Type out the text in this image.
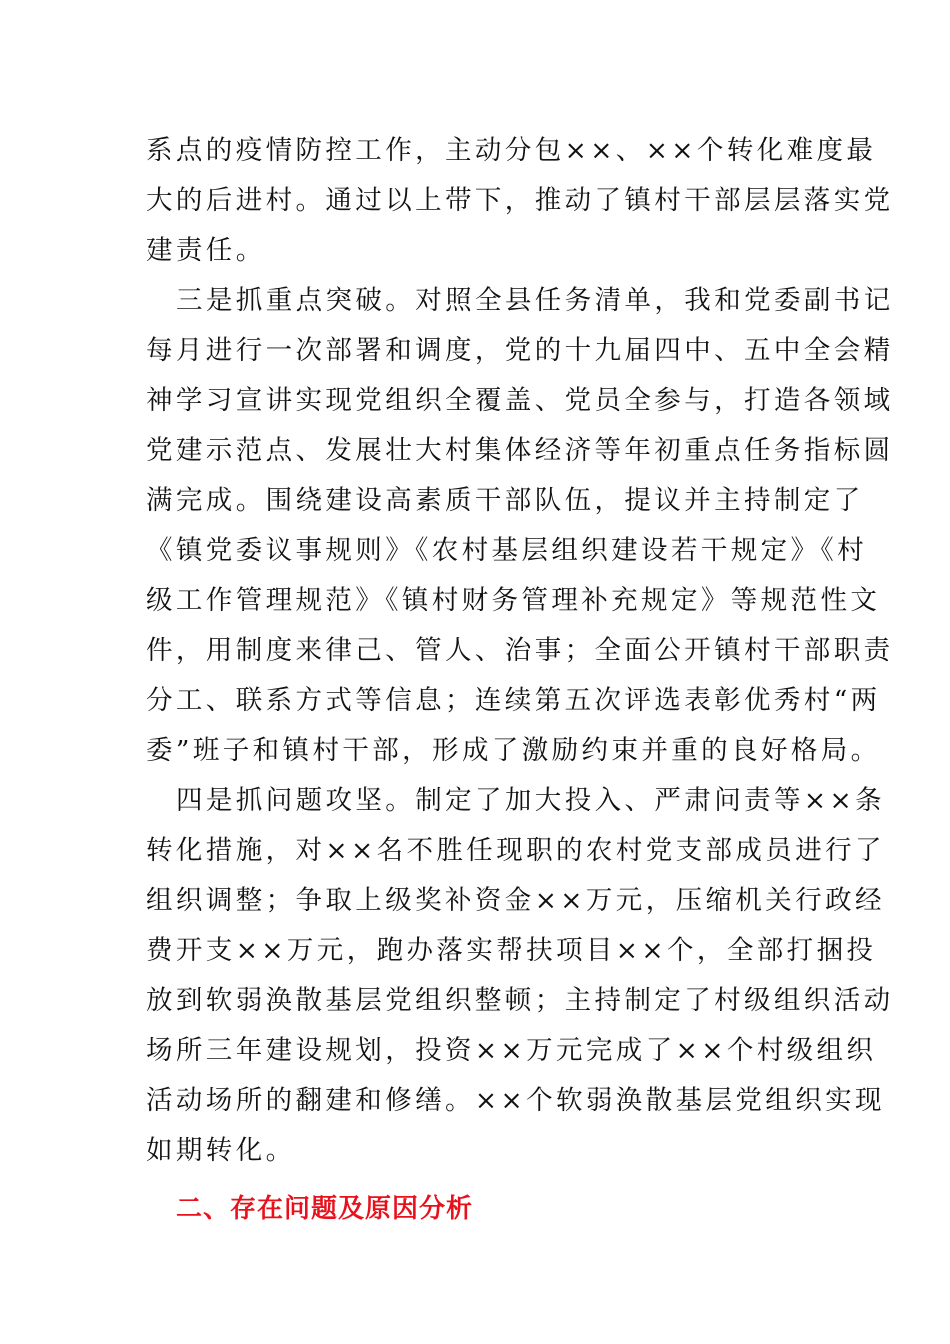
系点的疫情防控工作，主动分包××、××个转化难度最
大的后进村。通过以上带下，推动了镇村干部层层落实党
建责任。
三是抓重点突破。对照全县任务清单，我和党委副书记
每月进行一次部署和调度，党的十九届四中、五中全会精
神学习宣讲实现党组织全覆盖、党员全参与，打造各领域
党建示范点、发展壮大村集体经济等年初重点任务指标圆
满完成。围绕建设高素质干部队伍，提议并主持制定了
《镇党委议事规则》《农村基层组织建设若干规定》《村
级工作管理规范》《镇村财务管理补充规定》等规范性文
件，用制度来律己、管人、治事；全面公开镇村干部职责
分工、联系方式等信息；连续第五次评选表彰优秀村“两
委”班子和镇村干部，形成了激励约束并重的良好格局。
四是抓问题攻坚。制定了加大投入、严肃问责等××条
转化措施，对××名不胜任现职的农村党支部成员进行了
组织调整；争取上级奖补资金××万元，压缩机关行政经
费开支××万元，跑办落实帮扶项目××个，全部打捆投
放到软弱涣散基层党组织整顿；主持制定了村级组织活动
场所三年建设规划，投资××万元完成了××个村级组织
活动场所的翻建和修缮。××个软弱涣散基层党组织实现
如期转化。
二、存在问题及原因分析
